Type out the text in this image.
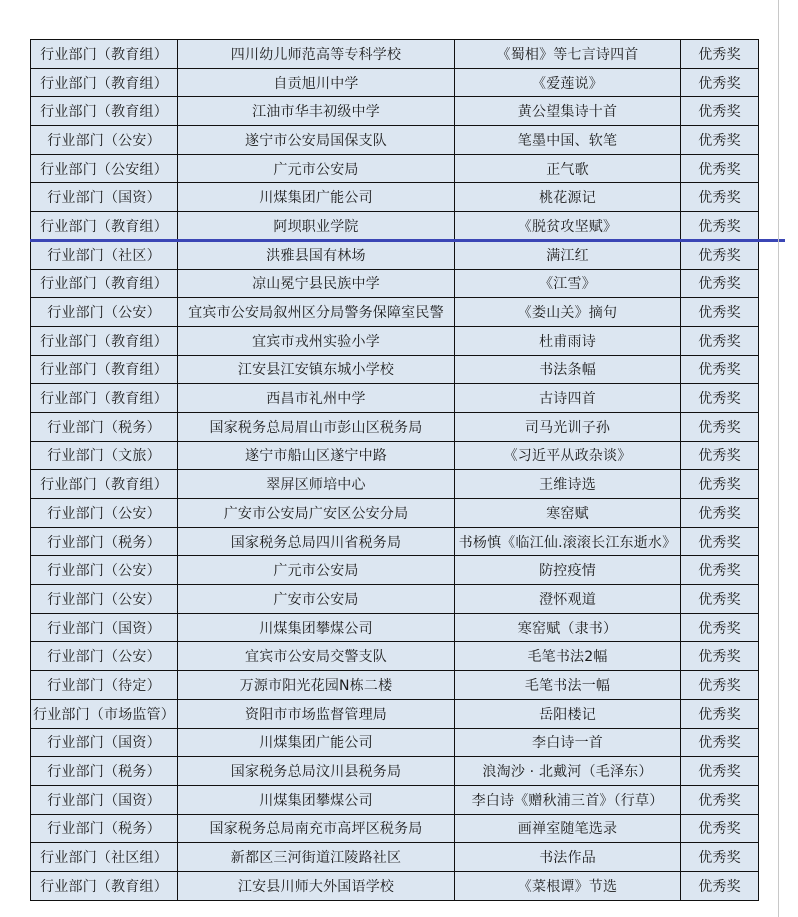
行业部门（教育组）	四川幼儿师范高等专科学校	《蜀相》等七言诗四首	优秀奖
行业部门（教育组）	自贡旭川中学	《爱莲说》	优秀奖
行业部门（教育组）	江油市华丰初级中学	黄公望集诗十首	优秀奖
行业部门（公安）	遂宁市公安局国保支队	笔墨中国、软笔	优秀奖
行业部门（公安组）	广元市公安局	正气歌	优秀奖
行业部门（国资）	川煤集团广能公司	桃花源记	优秀奖
行业部门（教育组）	阿坝职业学院	《脱贫攻坚赋》	优秀奖
行业部门（社区）	洪雅县国有林场	满江红	优秀奖
行业部门（教育组）	凉山冕宁县民族中学	《江雪》	优秀奖
行业部门（公安）	宜宾市公安局叙州区分局警务保障室民警	《娄山关》摘句	优秀奖
行业部门（教育组）	宜宾市戎州实验小学	杜甫雨诗	优秀奖
行业部门（教育组）	江安县江安镇东城小学校	书法条幅	优秀奖
行业部门（教育组）	西昌市礼州中学	古诗四首	优秀奖
行业部门（税务）	国家税务总局眉山市彭山区税务局	司马光训子孙	优秀奖
行业部门（文旅）	遂宁市船山区遂宁中路	《习近平从政杂谈》	优秀奖
行业部门（教育组）	翠屏区师培中心	王维诗选	优秀奖
行业部门（公安）	广安市公安局广安区公安分局	寒窑赋	优秀奖
行业部门（税务）	国家税务总局四川省税务局	书杨慎《临江仙.滚滚长江东逝水》	优秀奖
行业部门（公安）	广元市公安局	防控疫情	优秀奖
行业部门（公安）	广安市公安局	澄怀观道	优秀奖
行业部门（国资）	川煤集团攀煤公司	寒窑赋（隶书）	优秀奖
行业部门（公安）	宜宾市公安局交警支队	毛笔书法2幅	优秀奖
行业部门（待定）	万源市阳光花园N栋二楼	毛笔书法一幅	优秀奖
行业部门（市场监管）	资阳市市场监督管理局	岳阳楼记	优秀奖
行业部门（国资）	川煤集团广能公司	李白诗一首	优秀奖
行业部门（税务）	国家税务总局汶川县税务局	浪淘沙 · 北戴河（毛泽东）	优秀奖
行业部门（国资）	川煤集团攀煤公司	李白诗《赠秋浦三首》（行草）	优秀奖
行业部门（税务）	国家税务总局南充市高坪区税务局	画禅室随笔选录	优秀奖
行业部门（社区组）	新都区三河街道江陵路社区	书法作品	优秀奖
行业部门（教育组）	江安县川师大外国语学校	《菜根谭》节选	优秀奖
